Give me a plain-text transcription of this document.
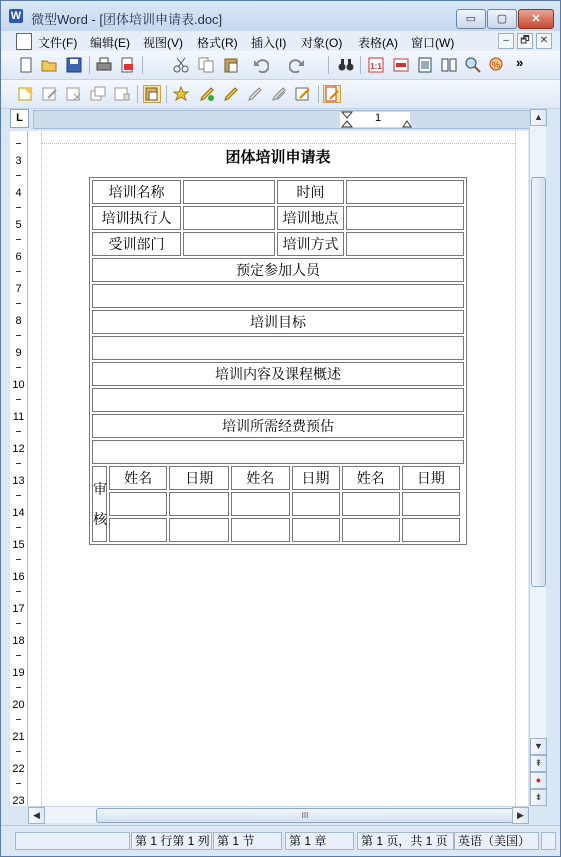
W 微型Word - [团体培训申请表.doc]	▭	▢	✕
文件(F) 编辑(E) 视图(V) 格式(R) 插入(I) 对象(O) 表格(A) 窗口(W)	–	🗗	✕
1:1	% »
L	1
3
4
5
6
7
8
9
10
11
12
13
14
15
16
17
18
19
20
21
22
23
团体培训申请表
培训名称		时间	
培训执行人		培训地点	
受训部门		培训方式	
预定参加人员

培训目标

培训内容及课程概述

培训所需经费预估

审
核	姓名	日期	姓名	日期	姓名	日期

▲
▼
⇞
●
⇟
◀	III	▶
第 1 行第 1 列 第 1 节	第 1 章	第 1 页，共 1 页 英语（美国）
